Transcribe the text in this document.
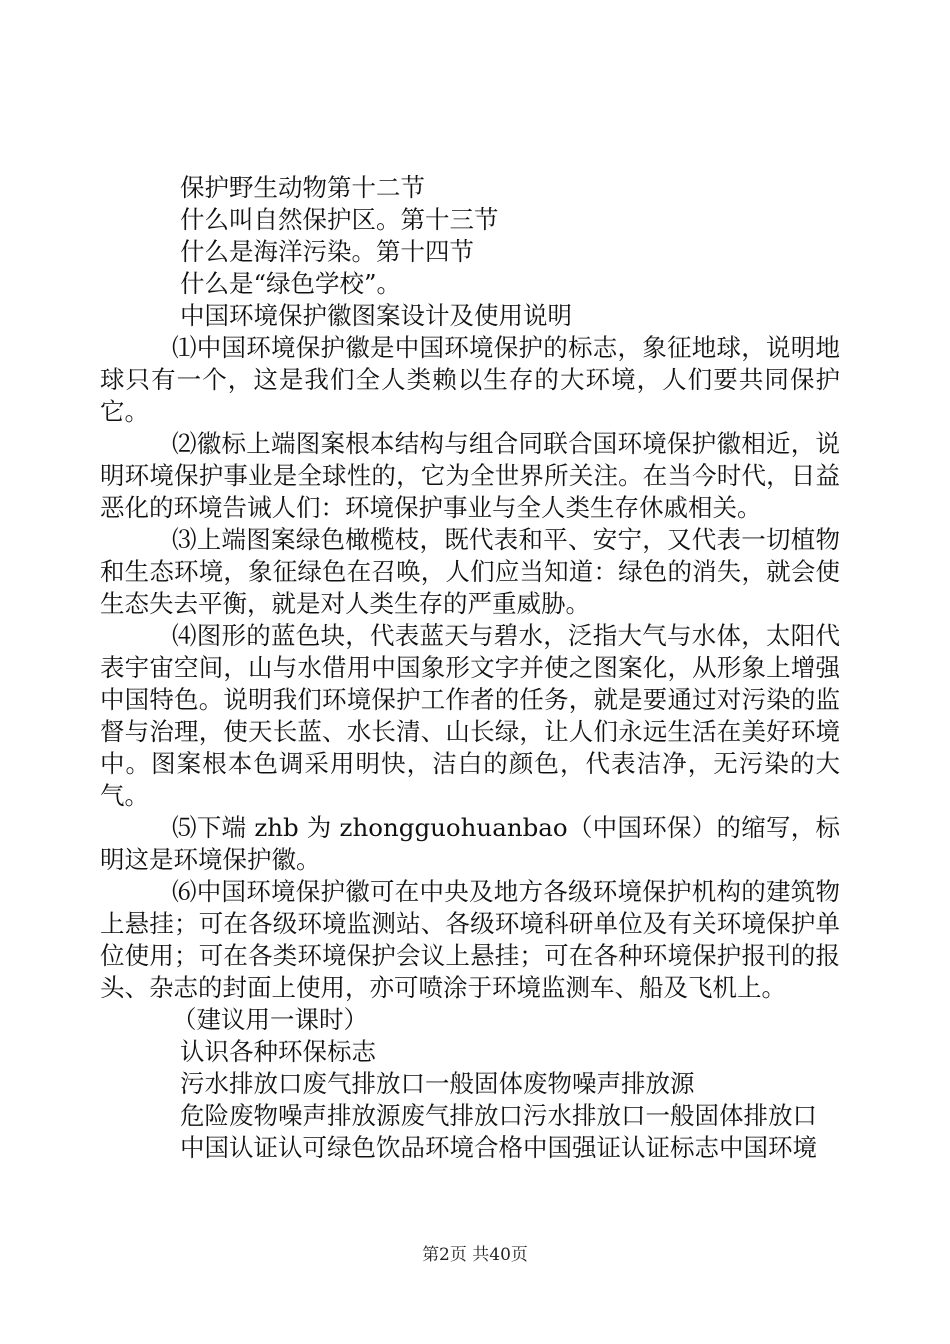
保护野生动物第十二节

什么叫自然保护区。第十三节

什么是海洋污染。第十四节

什么是“绿色学校”。

中国环境保护徽图案设计及使用说明

⑴中国环境保护徽是中国环境保护的标志，象征地球，说明地球只有一个，这是我们全人类赖以生存的大环境，人们要共同保护它。

⑵徽标上端图案根本结构与组合同联合国环境保护徽相近，说明环境保护事业是全球性的，它为全世界所关注。在当今时代，日益恶化的环境告诫人们：环境保护事业与全人类生存休戚相关。

⑶上端图案绿色橄榄枝，既代表和平、安宁，又代表一切植物和生态环境，象征绿色在召唤，人们应当知道：绿色的消失，就会使生态失去平衡，就是对人类生存的严重威胁。

⑷图形的蓝色块，代表蓝天与碧水，泛指大气与水体，太阳代表宇宙空间，山与水借用中国象形文字并使之图案化，从形象上增强中国特色。说明我们环境保护工作者的任务，就是要通过对污染的监督与治理，使天长蓝、水长清、山长绿，让人们永远生活在美好环境中。图案根本色调采用明快，洁白的颜色，代表洁净，无污染的大气。

⑸下端 zhb 为 zhongguohuanbao（中国环保）的缩写，标明这是环境保护徽。

⑹中国环境保护徽可在中央及地方各级环境保护机构的建筑物上悬挂；可在各级环境监测站、各级环境科研单位及有关环境保护单位使用；可在各类环境保护会议上悬挂；可在各种环境保护报刊的报头、杂志的封面上使用，亦可喷涂于环境监测车、船及飞机上。

（建议用一课时）

认识各种环保标志

污水排放口废气排放口一般固体废物噪声排放源

危险废物噪声排放源废气排放口污水排放口一般固体排放口

中国认证认可绿色饮品环境合格中国强证认证标志中国环境

第2页 共40页
